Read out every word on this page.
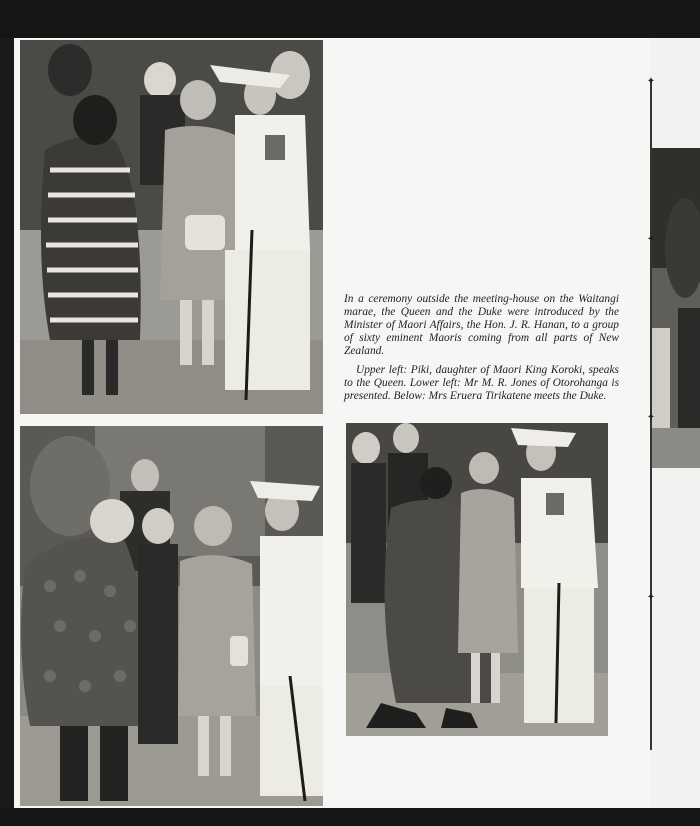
In a ceremony outside the meeting-house on the Waitangi marae, the Queen and the Duke were introduced by the Minister of Maori Affairs, the Hon. J. R. Hanan, to a group of sixty eminent Maoris coming from all parts of New Zealand.

Upper left: Piki, daughter of Maori King Koroki, speaks to the Queen. Lower left: Mr M. R. Jones of Otorohanga is presented. Below: Mrs Eruera Tirikatene meets the Duke.

✦
✦
✦
✦
